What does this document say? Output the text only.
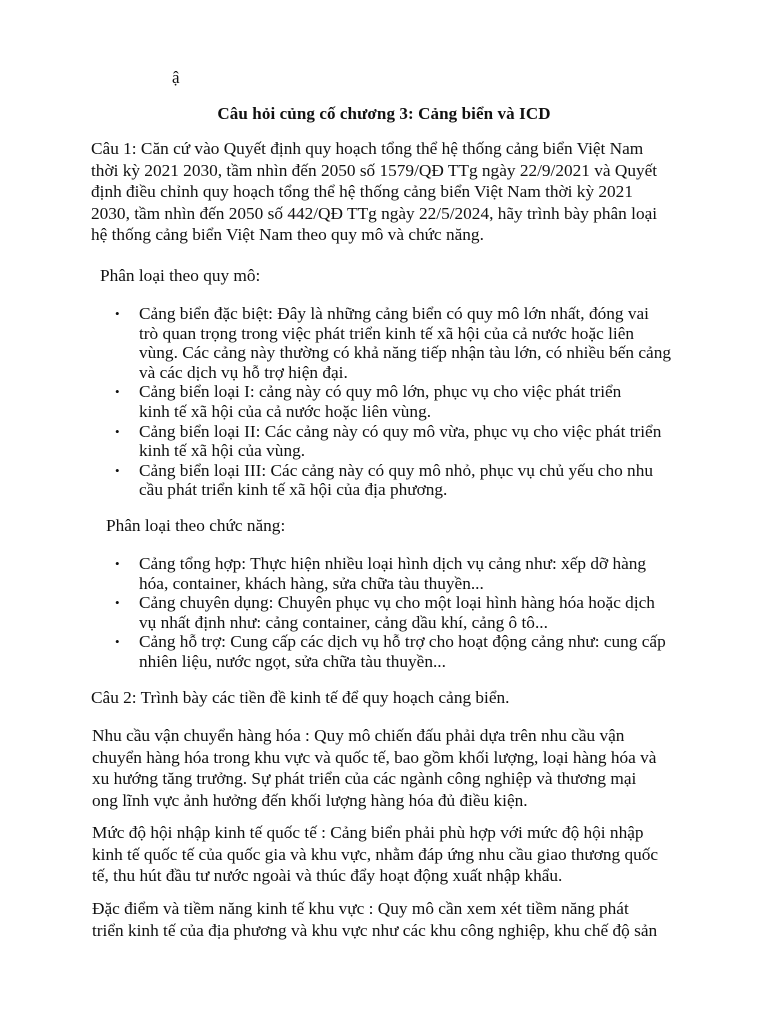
ậ
Câu hỏi củng cố chương 3: Cảng biển và ICD
Câu 1: Căn cứ vào Quyết định quy hoạch tổng thể hệ thống cảng biển Việt Nam
thời kỳ 2021 2030, tầm nhìn đến 2050 số 1579/QĐ TTg ngày 22/9/2021 và Quyết
định điều chỉnh quy hoạch tổng thể hệ thống cảng biển Việt Nam thời kỳ 2021
2030, tầm nhìn đến 2050 số 442/QĐ TTg ngày 22/5/2024, hãy trình bày phân loại
hệ thống cảng biển Việt Nam theo quy mô và chức năng.
Phân loại theo quy mô:
• Cảng biển đặc biệt: Đây là những cảng biển có quy mô lớn nhất, đóng vai
trò quan trọng trong việc phát triển kinh tế xã hội của cả nước hoặc liên
vùng. Các cảng này thường có khả năng tiếp nhận tàu lớn, có nhiều bến cảng
và các dịch vụ hỗ trợ hiện đại.
• Cảng biển loại I: cảng này có quy mô lớn, phục vụ cho việc phát triển
kinh tế xã hội của cả nước hoặc liên vùng.
• Cảng biển loại II: Các cảng này có quy mô vừa, phục vụ cho việc phát triển
kinh tế xã hội của vùng.
• Cảng biển loại III: Các cảng này có quy mô nhỏ, phục vụ chủ yếu cho nhu
cầu phát triển kinh tế xã hội của địa phương.
Phân loại theo chức năng:
• Cảng tổng hợp: Thực hiện nhiều loại hình dịch vụ cảng như: xếp dỡ hàng
hóa, container, khách hàng, sửa chữa tàu thuyền...
• Cảng chuyên dụng: Chuyên phục vụ cho một loại hình hàng hóa hoặc dịch
vụ nhất định như: cảng container, cảng dầu khí, cảng ô tô...
• Cảng hỗ trợ: Cung cấp các dịch vụ hỗ trợ cho hoạt động cảng như: cung cấp
nhiên liệu, nước ngọt, sửa chữa tàu thuyền...
Câu 2: Trình bày các tiền đề kinh tế để quy hoạch cảng biển.
Nhu cầu vận chuyển hàng hóa : Quy mô chiến đấu phải dựa trên nhu cầu vận
chuyển hàng hóa trong khu vực và quốc tế, bao gồm khối lượng, loại hàng hóa và
xu hướng tăng trưởng. Sự phát triển của các ngành công nghiệp và thương mại
ong lĩnh vực ảnh hưởng đến khối lượng hàng hóa đủ điều kiện.
Mức độ hội nhập kinh tế quốc tế : Cảng biển phải phù hợp với mức độ hội nhập
kinh tế quốc tế của quốc gia và khu vực, nhằm đáp ứng nhu cầu giao thương quốc
tế, thu hút đầu tư nước ngoài và thúc đẩy hoạt động xuất nhập khẩu.
Đặc điểm và tiềm năng kinh tế khu vực : Quy mô cần xem xét tiềm năng phát
triển kinh tế của địa phương và khu vực như các khu công nghiệp, khu chế độ sản
